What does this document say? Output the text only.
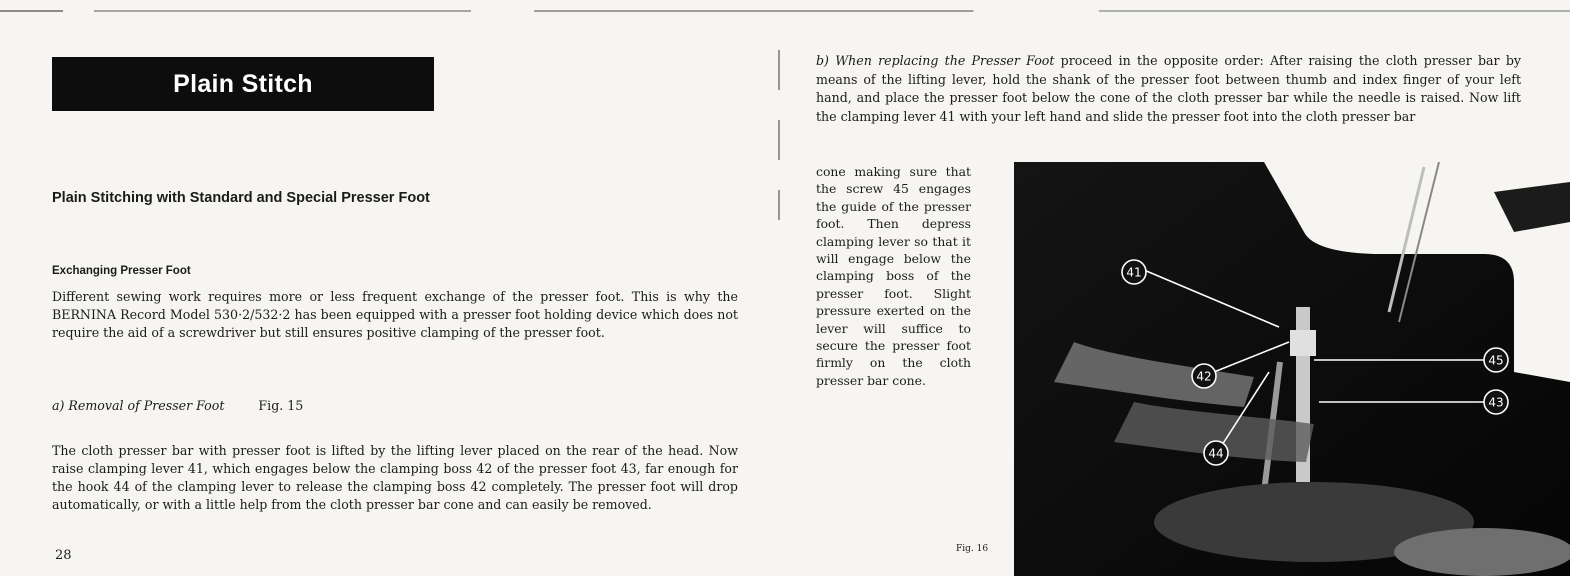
Plain Stitch
Plain Stitching with Standard and Special Presser Foot
Exchanging Presser Foot

Different sewing work requires more or less frequent exchange of the presser foot. This is why the BERNINA Record Model 530·2/532·2 has been equipped with a presser foot holding device which does not require the aid of a screwdriver but still ensures positive clamping of the presser foot.

a) Removal of Presser Foot	Fig. 15

The cloth presser bar with presser foot is lifted by the lifting lever placed on the rear of the head. Now raise clamping lever 41, which engages below the clamping boss 42 of the presser foot 43, far enough for the hook 44 of the clamping lever to release the clamping boss 42 completely. The presser foot will drop automatically, or with a little help from the cloth presser bar cone and can easily be removed.

28

b) When replacing the Presser Foot proceed in the opposite order: After raising the cloth presser bar by means of the lifting lever, hold the shank of the presser foot between thumb and index finger of your left hand, and place the presser foot below the cone of the cloth presser bar while the needle is raised. Now lift the clamping lever 41 with your left hand and slide the presser foot into the cloth presser bar

cone making sure that the screw 45 engages the guide of the presser foot. Then depress clamping lever so that it will engage below the clamping boss of the presser foot. Slight pressure exerted on the lever will suffice to secure the presser foot firmly on the cloth presser bar cone.

41
42
43
44
45
Fig. 16
